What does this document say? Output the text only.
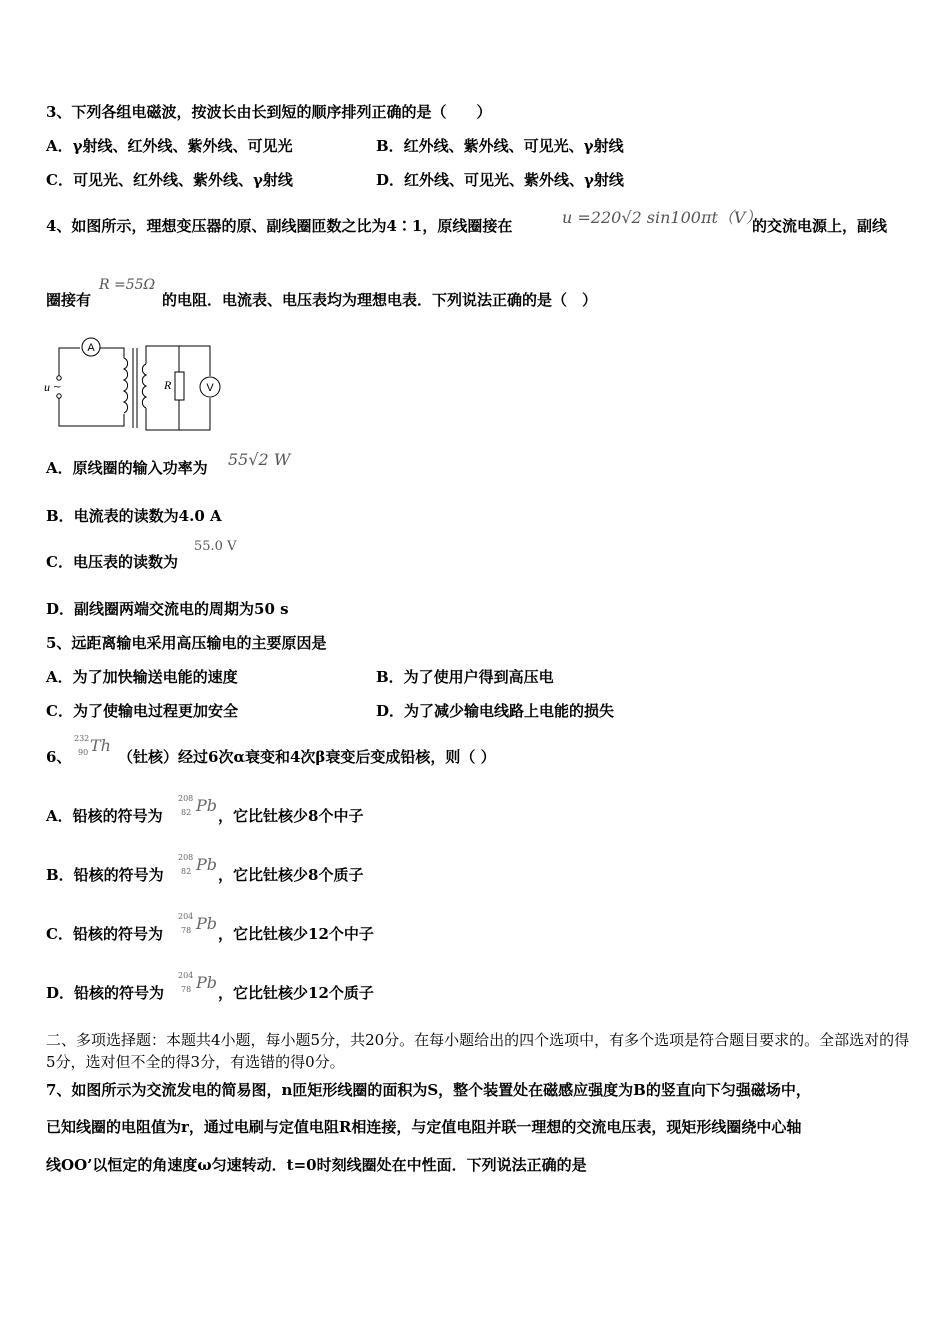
3、下列各组电磁波，按波长由长到短的顺序排列正确的是（　　）
A．γ射线、红外线、紫外线、可见光	B．红外线、紫外线、可见光、γ射线
C．可见光、红外线、紫外线、γ射线	D．红外线、可见光、紫外线、γ射线
4、如图所示，理想变压器的原、副线圈匝数之比为4∶1，原线圈接在	u =220√2 sin100πt（V）
的交流电源上，副线
圈接有
R =55Ω
的电阻．电流表、电压表均为理想电表．下列说法正确的是（　）
A
V
R
u ~
A．原线圈的输入功率为 55√2 W
B．电流表的读数为4.0 A
C．电压表的读数为
55.0 V
D．副线圈两端交流电的周期为50 s
5、远距离输电采用高压输电的主要原因是
A．为了加快输送电能的速度	B．为了使用户得到高压电
C．为了使输电过程更加安全	D．为了减少输电线路上电能的损失
6、
232
90 Th
（钍核）经过6次α衰变和4次β衰变后变成铅核，则（ ）
A．铅核的符号为
208
82 Pb
，它比钍核少8个中子
B．铅核的符号为
208
82 Pb
，它比钍核少8个质子
C．铅核的符号为
204
78 Pb
，它比钍核少12个中子
D．铅核的符号为
204
78 Pb
，它比钍核少12个质子
二、多项选择题：本题共4小题，每小题5分，共20分。在每小题给出的四个选项中，有多个选项是符合题目要求的。全部选对的得5分，选对但不全的得3分，有选错的得0分。
7、如图所示为交流发电的简易图，n匝矩形线圈的面积为S，整个装置处在磁感应强度为B的竖直向下匀强磁场中，
已知线圈的电阻值为r，通过电刷与定值电阻R相连接，与定值电阻并联一理想的交流电压表，现矩形线圈绕中心轴
线OO’以恒定的角速度ω匀速转动．t=0时刻线圈处在中性面．下列说法正确的是
